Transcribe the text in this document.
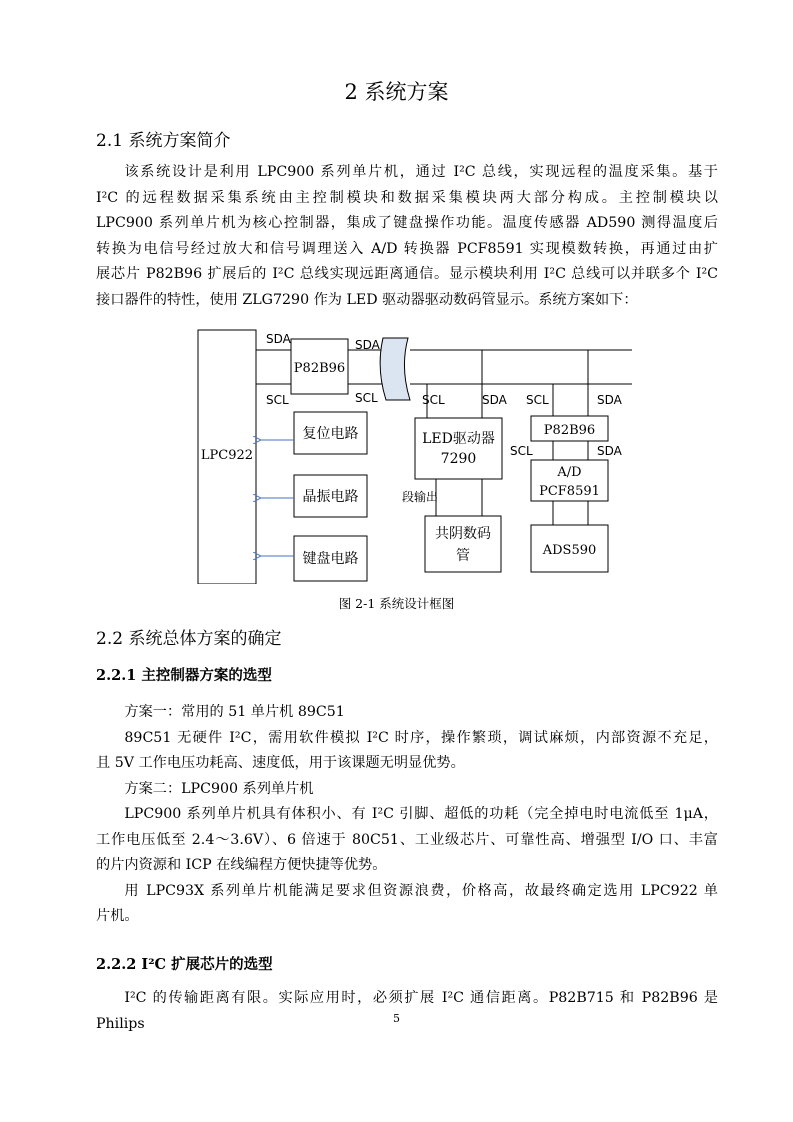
2 系统方案
2.1 系统方案简介

该系统设计是利用 LPC900 系列单片机，通过 I²C 总线，实现远程的温度采集。基于

I²C 的远程数据采集系统由主控制模块和数据采集模块两大部分构成。主控制模块以

LPC900 系列单片机为核心控制器，集成了键盘操作功能。温度传感器 AD590 测得温度后

转换为电信号经过放大和信号调理送入 A/D 转换器 PCF8591 实现模数转换，再通过由扩

展芯片 P82B96 扩展后的 I²C 总线实现远距离通信。显示模块利用 I²C 总线可以并联多个 I²C

接口器件的特性，使用 ZLG7290 作为 LED 驱动器驱动数码管显示。系统方案如下：

LPC922
SDA
SCL
P82B96
SDA
SCL
复位电路
晶振电路
键盘电路
SCL	SDA
LED驱动器
7290
段输出
共阴数码
管
SCL	SDA
P82B96
SCL	SDA
A/D
PCF8591
ADS590
图 2-1 系统设计框图
2.2 系统总体方案的确定
2.2.1 主控制器方案的选型

方案一：常用的 51 单片机 89C51

89C51 无硬件 I²C，需用软件模拟 I²C 时序，操作繁琐，调试麻烦，内部资源不充足，

且 5V 工作电压功耗高、速度低，用于该课题无明显优势。

方案二：LPC900 系列单片机

LPC900 系列单片机具有体积小、有 I²C 引脚、超低的功耗（完全掉电时电流低至 1μA，

工作电压低至 2.4～3.6V）、6 倍速于 80C51、工业级芯片、可靠性高、增强型 I/O 口、丰富

的片内资源和 ICP 在线编程方便快捷等优势。

用 LPC93X 系列单片机能满足要求但资源浪费，价格高，故最终确定选用 LPC922 单

片机。

2.2.2 I²C 扩展芯片的选型

I²C 的传输距离有限。实际应用时，必须扩展 I²C 通信距离。P82B715 和 P82B96 是 Philips	5
